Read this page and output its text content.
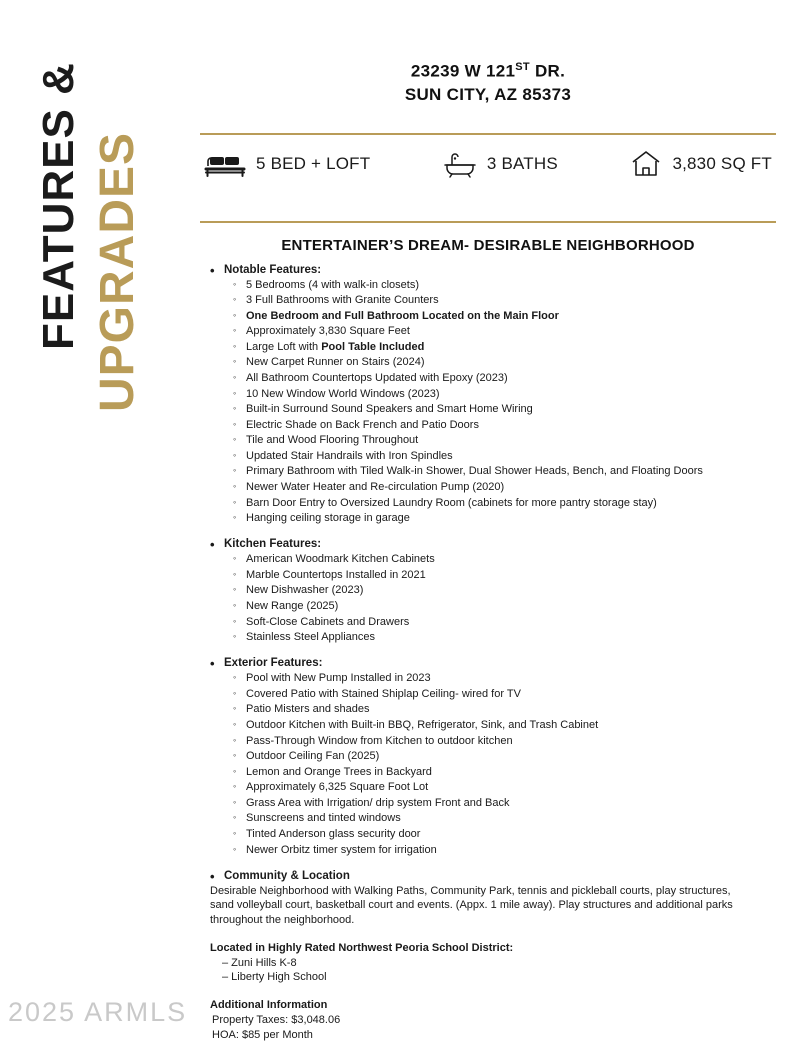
FEATURES & UPGRADES
2025 ARMLS
23239 W 121ST DR.
SUN CITY, AZ 85373
5 BED + LOFT	3 BATHS	3,830 SQ FT
ENTERTAINER’S DREAM- DESIRABLE NEIGHBORHOOD
• Notable Features:
◦ 5 Bedrooms (4 with walk-in closets)
◦ 3 Full Bathrooms with Granite Counters
◦ One Bedroom and Full Bathroom Located on the Main Floor
◦ Approximately 3,830 Square Feet
◦ Large Loft with Pool Table Included
◦ New Carpet Runner on Stairs (2024)
◦ All Bathroom Countertops Updated with Epoxy (2023)
◦ 10 New Window World Windows (2023)
◦ Built-in Surround Sound Speakers and Smart Home Wiring
◦ Electric Shade on Back French and Patio Doors
◦ Tile and Wood Flooring Throughout
◦ Updated Stair Handrails with Iron Spindles
◦ Primary Bathroom with Tiled Walk-in Shower, Dual Shower Heads, Bench, and Floating Doors
◦ Newer Water Heater and Re-circulation Pump (2020)
◦ Barn Door Entry to Oversized Laundry Room (cabinets for more pantry storage stay)
◦ Hanging ceiling storage in garage
• Kitchen Features:
◦ American Woodmark Kitchen Cabinets
◦ Marble Countertops Installed in 2021
◦ New Dishwasher (2023)
◦ New Range (2025)
◦ Soft-Close Cabinets and Drawers
◦ Stainless Steel Appliances
• Exterior Features:
◦ Pool with New Pump Installed in 2023
◦ Covered Patio with Stained Shiplap Ceiling- wired for TV
◦ Patio Misters and shades
◦ Outdoor Kitchen with Built-in BBQ, Refrigerator, Sink, and Trash Cabinet
◦ Pass-Through Window from Kitchen to outdoor kitchen
◦ Outdoor Ceiling Fan (2025)
◦ Lemon and Orange Trees in Backyard
◦ Approximately 6,325 Square Foot Lot
◦ Grass Area with Irrigation/ drip system Front and Back
◦ Sunscreens and tinted windows
◦ Tinted Anderson glass security door
◦ Newer Orbitz timer system for irrigation
• Community & Location
Desirable Neighborhood with Walking Paths, Community Park, tennis and pickleball courts, play structures, sand volleyball court, basketball court and events. (Appx. 1 mile away). Play structures and additional parks throughout the neighborhood.
Located in Highly Rated Northwest Peoria School District:
– Zuni Hills K-8
– Liberty High School
Additional Information
Property Taxes: $3,048.06
HOA: $85 per Month
